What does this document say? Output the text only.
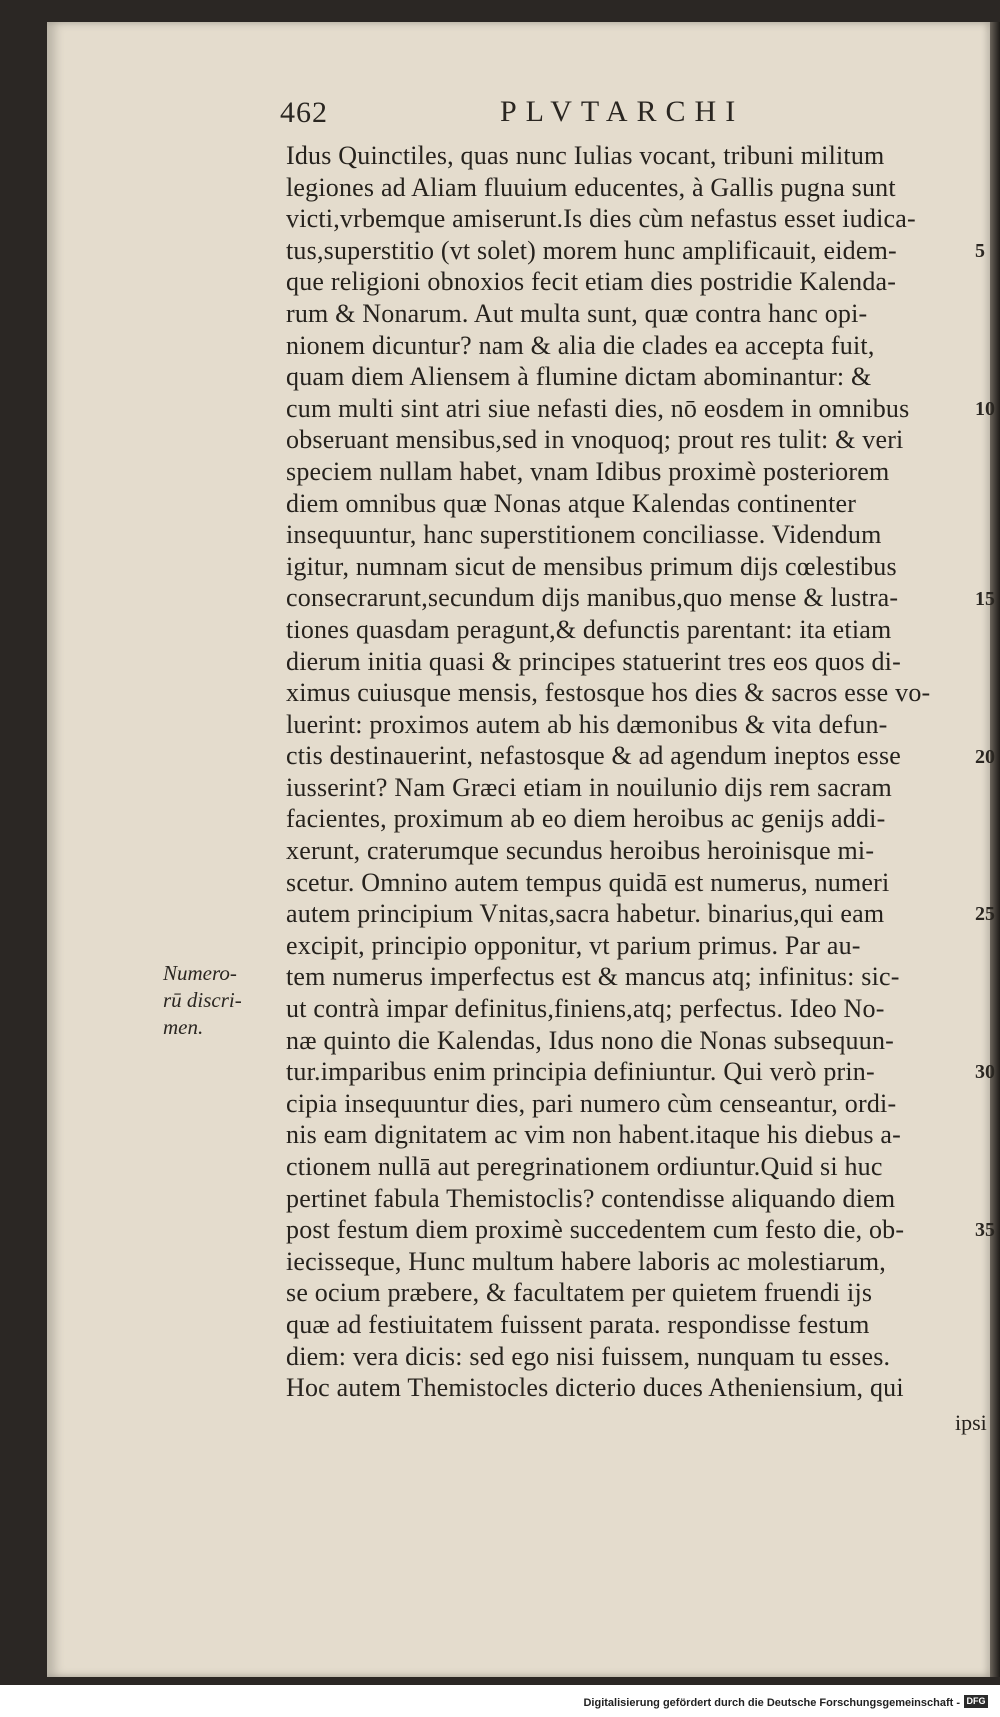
462	PLVTARCHI
Idus Quinctiles, quas nunc Iulias vocant, tribuni militum
legiones ad Aliam fluuium educentes, à Gallis pugna sunt
victi,vrbemque amiserunt.Is dies cùm nefastus esset iudica-
tus,superstitio (vt solet) morem hunc amplificauit, eidem-
que religioni obnoxios fecit etiam dies postridie Kalenda-
rum & Nonarum. Aut multa sunt, quæ contra hanc opi-
nionem dicuntur? nam & alia die clades ea accepta fuit,
quam diem Aliensem à flumine dictam abominantur: &
cum multi sint atri siue nefasti dies, nō eosdem in omnibus
obseruant mensibus,sed in vnoquoq; prout res tulit: & veri
speciem nullam habet, vnam Idibus proximè posteriorem
diem omnibus quæ Nonas atque Kalendas continenter
insequuntur, hanc superstitionem conciliasse. Videndum
igitur, numnam sicut de mensibus primum dijs cœlestibus
consecrarunt,secundum dijs manibus,quo mense & lustra-
tiones quasdam peragunt,& defunctis parentant: ita etiam
dierum initia quasi & principes statuerint tres eos quos di-
ximus cuiusque mensis, festosque hos dies & sacros esse vo-
luerint: proximos autem ab his dæmonibus & vita defun-
ctis destinauerint, nefastosque & ad agendum ineptos esse
iusserint? Nam Græci etiam in nouilunio dijs rem sacram
facientes, proximum ab eo diem heroibus ac genijs addi-
xerunt, craterumque secundus heroibus heroinisque mi-
scetur. Omnino autem tempus quidā est numerus, numeri
autem principium Vnitas,sacra habetur. binarius,qui eam
excipit, principio opponitur, vt parium primus. Par au-
tem numerus imperfectus est & mancus atq; infinitus: sic-
ut contrà impar definitus,finiens,atq; perfectus. Ideo No-
næ quinto die Kalendas, Idus nono die Nonas subsequun-
tur.imparibus enim principia definiuntur. Qui verò prin-
cipia insequuntur dies, pari numero cùm censeantur, ordi-
nis eam dignitatem ac vim non habent.itaque his diebus a-
ctionem nullā aut peregrinationem ordiuntur.Quid si huc
pertinet fabula Themistoclis? contendisse aliquando diem
post festum diem proximè succedentem cum festo die, ob-
iecisseque, Hunc multum habere laboris ac molestiarum,
se ocium præbere, & facultatem per quietem fruendi ijs
quæ ad festiuitatem fuissent parata. respondisse festum
diem: vera dicis: sed ego nisi fuissem, nunquam tu esses.
Hoc autem Themistocles dicterio duces Atheniensium, qui
ipsi
Numero-
rū discri-
men.
5
10
15
20
25
30
35
Digitalisierung gefördert durch die Deutsche Forschungsgemeinschaft - DFG
